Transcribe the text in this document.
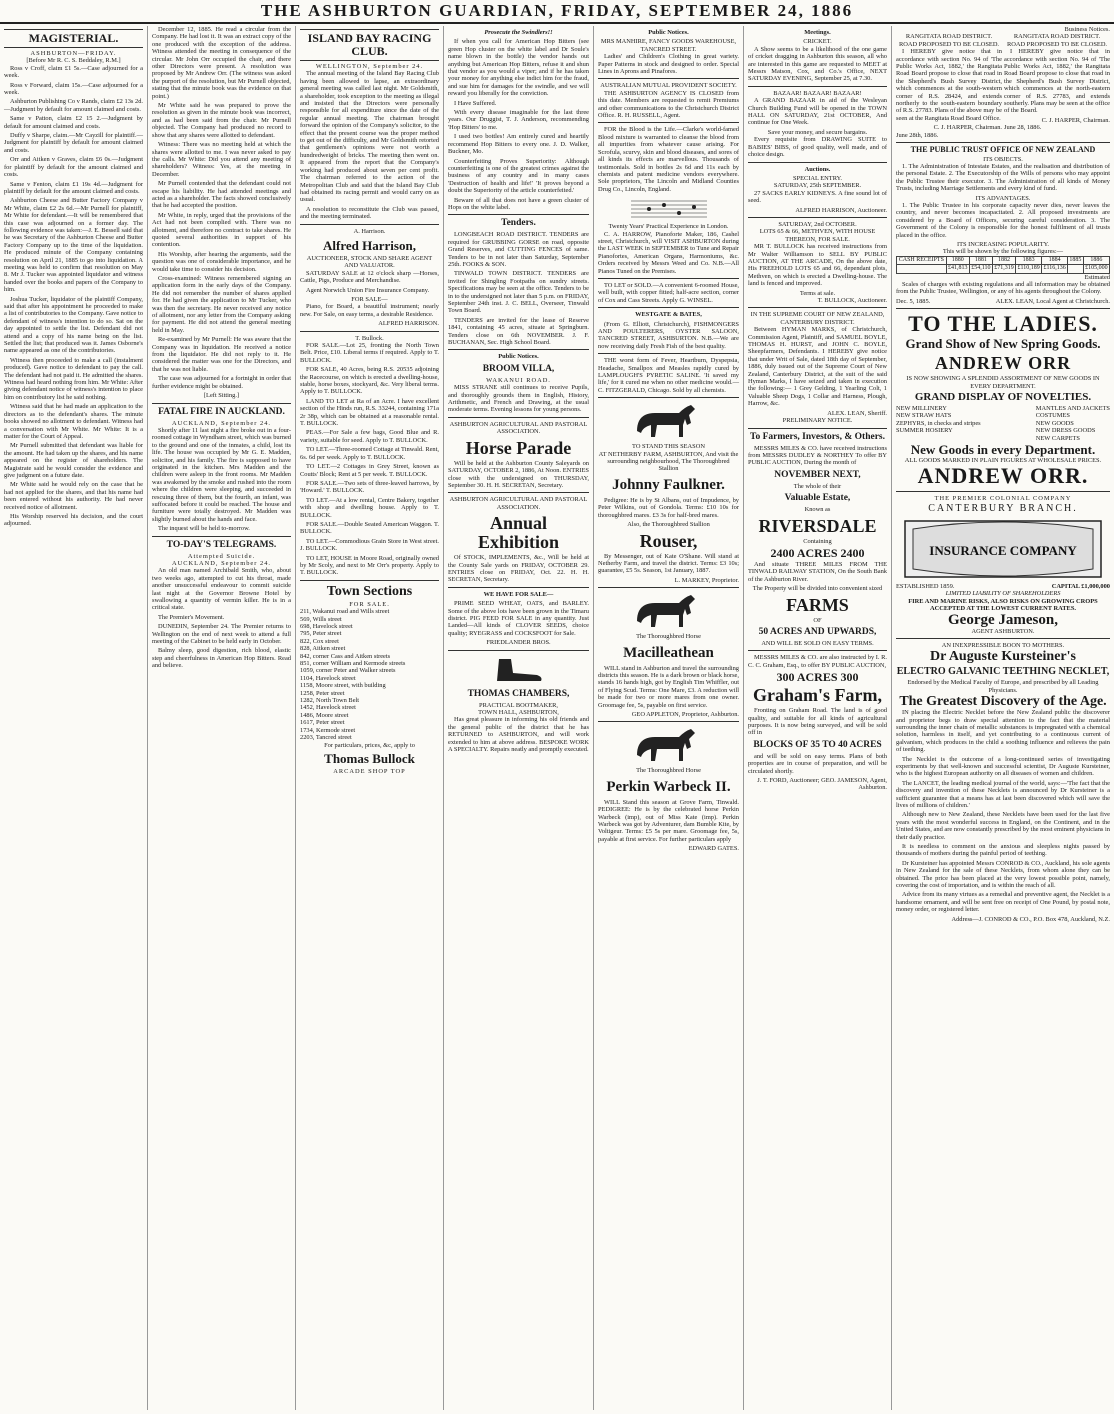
THE ASHBURTON GUARDIAN, FRIDAY, SEPTEMBER 24, 1886
MAGISTERIAL.
ASHBURTON—FRIDAY.
[Before Mr R. C. S. Beddaley, R.M.]

Ross v Croff, claim £1 5s.—Case adjourned for a week.

Ross v Forward, claim 15s.—Case adjourned for a week.

Ashburton Publishing Co v Rands, claim £2 13s 2d.—Judgment by default for amount claimed and costs.

Same v Patton, claim £2 15 2.—Judgment by default for amount claimed and costs.

Duffy v Sharpe, claim.—Mr Cayzill for plaintiff.—Judgment for plaintiff by default for amount claimed and costs.

Orr and Aitken v Graves, claim £6 0s.—Judgment for plaintiff by default for the amount claimed and costs.

Same v Fenton, claim £1 19s 4d.—Judgment for plaintiff by default for the amount claimed and costs.

Ashburton Cheese and Butter Factory Company v Mr White, claim £2 2s 6d.—Mr Purnell for plaintiff, Mr White for defendant.—It will be remembered that this case was adjourned on a former day. The following evidence was taken:—J. E. Bessell said that he was Secretary of the Ashburton Cheese and Butter Factory Company up to the time of the liquidation. He produced minute of the Company containing resolution on April 21, 1885 to go into liquidation. A meeting was held to confirm that resolution on May 8. Mr J. Tucker was appointed liquidator and witness handed over the books and papers of the Company to him.

Joshua Tucker, liquidator of the plaintiff Company, said that after his appointment he proceeded to make a list of contributories to the Company. Gave notice to defendant of witness's intention to do so. Sat on the day appointed to settle the list. Defendant did not attend and a copy of his name being on the list. Settled the list; that produced was it. James Osborne's name appeared as one of the contributories.

Witness then proceeded to make a call (instalment produced). Gave notice to defendant to pay the call. The defendant had not paid it. He admitted the shares. Witness had heard nothing from him. Mr White: After giving defendant notice of witness's intention to place him on contributory list he said nothing.

Witness said that he had made an application to the directors as to the defendant's shares. The minute books showed no allotment to defendant. Witness had a conversation with Mr White. Mr White: It is a matter for the Court of Appeal.

Mr Purnell submitted that defendant was liable for the amount. He had taken up the shares, and his name appeared on the register of shareholders. The Magistrate said he would consider the evidence and give judgment on a future date.

Mr White said he would rely on the case that he had not applied for the shares, and that his name had been entered without his authority. He had never received notice of allotment.

His Worship reserved his decision, and the court adjourned.

December 12, 1885. He read a circular from the Company. He had lost it. It was an extract copy of the one produced with the exception of the address. Witness attended the meeting in consequence of the circular. Mr John Orr occupied the chair, and there other Directors were present. A resolution was proposed by Mr Andrew Orr. (The witness was asked the purport of the resolution, but Mr Purnell objected, stating that the minute book was the evidence on that point.)

Mr White said he was prepared to prove the resolution as given in the minute book was incorrect, and as had been said from the chair. Mr Purnell objected. The Company had produced no record to show that any shares were allotted to defendant.

Witness: There was no meeting held at which the shares were allotted to me. I was never asked to pay the calls. Mr White: Did you attend any meeting of shareholders? Witness: Yes, at the meeting in December.

Mr Purnell contended that the defendant could not escape his liability. He had attended meetings and acted as a shareholder. The facts showed conclusively that he had accepted the position.

Mr White, in reply, urged that the provisions of the Act had not been complied with. There was no allotment, and therefore no contract to take shares. He quoted several authorities in support of his contention.

His Worship, after hearing the arguments, said the question was one of considerable importance, and he would take time to consider his decision.

Cross-examined: Witness remembered signing an application form in the early days of the Company. He did not remember the number of shares applied for. He had given the application to Mr Tucker, who was then the secretary. He never received any notice of allotment, nor any letter from the Company asking for payment. He did not attend the general meeting held in May.

Re-examined by Mr Purnell: He was aware that the Company was in liquidation. He received a notice from the liquidator. He did not reply to it. He considered the matter was one for the Directors, and that he was not liable.

The case was adjourned for a fortnight in order that further evidence might be obtained.

[Left Sitting.]
FATAL FIRE IN AUCKLAND.
AUCKLAND, September 24.

Shortly after 11 last night a fire broke out in a four-roomed cottage in Wyndham street, which was burned to the ground and one of the inmates, a child, lost its life. The house was occupied by Mr G. E. Madden, solicitor, and his family. The fire is supposed to have originated in the kitchen. Mrs Madden and the children were asleep in the front rooms. Mr Madden was awakened by the smoke and rushed into the room where the children were sleeping, and succeeded in rescuing three of them, but the fourth, an infant, was suffocated before it could be reached. The house and furniture were totally destroyed. Mr Madden was slightly burned about the hands and face.

The inquest will be held to-morrow.

TO-DAY'S TELEGRAMS.
Attempted Suicide.
AUCKLAND, September 24.

An old man named Archibald Smith, who, about two weeks ago, attempted to cut his throat, made another unsuccessful endeavour to commit suicide last night at the Governor Browne Hotel by swallowing a quantity of vermin killer. He is in a critical state.

The Premier's Movement.

DUNEDIN, September 24. The Premier returns to Wellington on the end of next week to attend a full meeting of the Cabinet to be held early in October.

Balmy sleep, good digestion, rich blood, elastic step and cheerfulness in American Hop Bitters. Read and believe.

ISLAND BAY RACING CLUB.
WELLINGTON, September 24.

The annual meeting of the Island Bay Racing Club having been allowed to lapse, an extraordinary general meeting was called last night. Mr Goldsmith, a shareholder, took exception to the meeting as illegal and insisted that the Directors were personally responsible for all expenditure since the date of the regular annual meeting. The chairman brought forward the opinion of the Company's solicitor, to the effect that the present course was the proper method to get out of the difficulty, and Mr Goldsmith retorted that gentlemen's opinions were not worth a hundredweight of bricks. The meeting then went on. It appeared from the report that the Company's working had produced about seven per cent profit. The chairman referred to the action of the Metropolitan Club and said that the Island Bay Club had obtained its racing permit and would carry on as usual.

A resolution to reconstitute the Club was passed, and the meeting terminated.

A. Harrison.
Alfred Harrison,
AUCTIONEER, STOCK AND SHARE AGENT AND VALUATOR.

SATURDAY SALE at 12 o'clock sharp —Horses, Cattle, Pigs, Produce and Merchandise.

Agent Norwich Union Fire Insurance Company.

FOR SALE—

Piano, for Board, a beautiful instrument; nearly new. For Sale, on easy terms, a desirable Residence.

ALFRED HARRISON.
T. Bullock.

FOR SALE.—Lot 25, fronting the North Town Belt. Price, £10. Liberal terms if required. Apply to T. BULLOCK.

FOR SALE, 40 Acres, being R.S. 20535 adjoining the Racecourse, on which is erected a dwelling-house, stable, horse boxes, stockyard, &c. Very liberal terms. Apply to T. BULLOCK.

LAND TO LET at Ra of an Acre. I have excellent section of the Hinds run, R.S. 33244, containing 171a 2r 38p, which can be obtained at a reasonable rental. T. BULLOCK.

PEAS.—For Sale a few bags, Good Blue and R. variety, suitable for seed. Apply to T. BULLOCK.

TO LET.—Three-roomed Cottage at Tinwald. Rent, 6s. 6d per week. Apply to T. BULLOCK.

TO LET.—2 Cottages in Grey Street, known as Coutts' Block; Rent at 5 per week. T. BULLOCK.

FOR SALE.—Two sets of three-leaved harrows, by 'Howard.' T. BULLOCK.

TO LET.—At a low rental, Centre Bakery, together with shop and dwelling house. Apply to T. BULLOCK.

FOR SALE.—Double Seated American Waggon. T. BULLOCK.

TO LET.—Commodious Grain Store in West street. J. BULLOCK.

TO LET, HOUSE in Moore Road, originally owned by Mr Scoly, and next to Mr Orr's property. Apply to T. BULLOCK.

Town Sections
FOR SALE.
211, Wakanui road and Wills street
569, Wills street
698, Havelock street
795, Peter street
822, Cox street
828, Aitken street
842, corner Cass and Aitken streets
851, corner William and Kermode streets
1059, corner Peter and Walker streets
1104, Havelock street
1158, Moore street, with building
1258, Peter street
1282, North Town Belt
1452, Havelock street
1486, Moore street
1617, Peter street
1734, Kermode street
2203, Tancred street
For particulars, prices, &c, apply to
Thomas Bullock
ARCADE SHOP TOP
Prosecute the Swindlers!!

If when you call for American Hop Bitters (see green Hop cluster on the white label and Dr Soule's name blown in the bottle) the vendor hands out anything but American Hop Bitters, refuse it and shun that vendor as you would a viper; and if he has taken your money for anything else indict him for the fraud, and sue him for damages for the swindle, and we will reward you liberally for the conviction.

I Have Suffered.

With every disease imaginable for the last three years. Our Druggist, T. J. Anderson, recommending 'Hop Bitters' to me.

I used two bottles! Am entirely cured and heartily recommend Hop Bitters to every one. J. D. Walker, Buckner, Mo.

Counterfeiting Proves Superiority: Although counterfeiting is one of the greatest crimes against the business of any country and in many cases 'Destruction of health and life!' 'It proves beyond a doubt the Superiority of the article counterfeited.'

Beware of all that does not have a green cluster of Hops on the white label.

Tenders.

LONGBEACH ROAD DISTRICT. TENDERS are required for GRUBBING GORSE on road, opposite Grand Reserves, and CUTTING FENCES of same. Tenders to be in not later than Saturday, September 25th. FOOKS & SON.

TINWALD TOWN DISTRICT. TENDERS are invited for Shingling Footpaths on sundry streets. Specifications may be seen at the office. Tenders to be in to the undersigned not later than 5 p.m. on FRIDAY, September 24th inst. J. C. BELL, Overseer, Tinwald Town Board.

TENDERS are invited for the lease of Reserve 1841, containing 45 acres, situate at Springburn. Tenders close on 6th NOVEMBER. J. F. BUCHANAN, Sec. High School Board.

Public Notices.
BROOM VILLA,
WAKANUI ROAD.

MISS STRANE still continues to receive Pupils, and thoroughly grounds them in English, History, Arithmetic, and French and Drawing, at the usual moderate terms. Evening lessons for young persons.

ASHBURTON AGRICULTURAL AND PASTORAL ASSOCIATION.
Horse Parade

Will be held at the Ashburton County Saleyards on SATURDAY, OCTOBER 2, 1886, At Noon. ENTRIES close with the undersigned on THURSDAY, September 30. H. H. SECRETAN, Secretary.

ASHBURTON AGRICULTURAL AND PASTORAL ASSOCIATION.
Annual Exhibition

Of STOCK, IMPLEMENTS, &c., Will be held at the County Sale yards on FRIDAY, OCTOBER 29. ENTRIES close on FRIDAY, Oct. 22. H. H. SECRETAN, Secretary.

WE HAVE FOR SALE—

PRIME SEED WHEAT, OATS, and BARLEY. Some of the above lots have been grown in the Timaru district. PIG FEED FOR SALE in any quantity. Just Landed—All kinds of CLOVER SEEDS, choice quality; RYEGRASS and COCKSFOOT for Sale.

FRIEDLANDER BROS.
THOMAS CHAMBERS,
PRACTICAL BOOTMAKER,
TOWN HALL, ASHBURTON,

Has great pleasure in informing his old friends and the general public of the district that he has RETURNED to ASHBURTON, and will work extended to him at above address. BESPOKE WORK A SPECIALTY. Repairs neatly and promptly executed.

Public Notices.
MRS MANHIRE, FANCY GOODS WAREHOUSE, TANCRED STREET.

Ladies' and Children's Clothing in great variety. Paper Patterns in stock and designed to order. Special Lines in Aprons and Pinafores.

AUSTRALIAN MUTUAL PROVIDENT SOCIETY.

THE ASHBURTON AGENCY IS CLOSED from this date. Members are requested to remit Premiums and other communications to the Christchurch District Office. R. H. RUSSELL, Agent.

FOR the Blood is the Life.—Clarke's world-famed Blood mixture is warranted to cleanse the blood from all impurities from whatever cause arising. For Scrofula, scurvy, skin and blood diseases, and sores of all kinds its effects are marvellous. Thousands of testimonials. Sold in bottles 2s 6d and 11s each by chemists and patent medicine vendors everywhere. Sole proprietors, The Lincoln and Midland Counties Drug Co., Lincoln, England.

Twenty Years' Practical Experience in London.

C. A. HARROW, Pianoforte Maker, 186, Cashel street, Christchurch, will VISIT ASHBURTON during the LAST WEEK in SEPTEMBER to Tune and Repair Pianofortes, American Organs, Harmoniums, &c. Orders received by Messrs Weed and Co. N.B.—All Pianos Tuned on the Premises.

TO LET or SOLD.—A convenient 6-roomed House, well built, with copper fitted; half-acre section, corner of Cox and Cass Streets. Apply G. WINSEL.

WESTGATE & BATES,

(From G. Elliott, Christchurch), FISHMONGERS AND POULTERERS, OYSTER SALOON, TANCRED STREET, ASHBURTON. N.B.—We are now receiving daily Fresh Fish of the best quality.

THE worst form of Fever, Heartburn, Dyspepsia, Headache, Smallpox and Measles rapidly cured by LAMPLOUGH'S PYRETIC SALINE. 'It saved my life,' for it cured me when no other medicine would.—C. FITZGERALD, Chicago. Sold by all chemists.

TO STAND THIS SEASON
AT NETHERBY FARM, ASHBURTON, And visit the surrounding neighbourhood, The Thoroughbred Stallion
Johnny Faulkner.

Pedigree: He is by St Albans, out of Impudence, by Peter Wilkins, out of Gondola. Terms: £10 10s for thoroughbred mares. £3 3s for half-bred mares.

Also, the Thoroughbred Stallion
Rouser,

By Messenger, out of Kate O'Shane. Will stand at Netherby Farm, and travel the district. Terms: £3 10s; guarantee, £5 5s. Season, 1st January, 1887.

L. MARKEY, Proprietor.
The Thoroughbred Horse
Macilleathean

WILL stand in Ashburton and travel the surrounding districts this season. He is a dark brown or black horse, stands 16 hands high, got by English Tim Whiffler, out of Flying Scud. Terms: One Mare, £3. A reduction will be made for two or more mares from one owner. Groomage fee, 5s, payable on first service.

GEO APPLETON, Proprietor, Ashburton.
The Thoroughbred Horse
Perkin Warbeck II.

WILL Stand this season at Grove Farm, Tinwald. PEDIGREE: He is by the celebrated horse Perkin Warbeck (imp), out of Miss Kate (imp). Perkin Warbeck was got by Adventurer, dam Bumble Kite, by Voltigeur. Terms: £5 5s per mare. Groomage fee, 5s, payable at first service. For further particulars apply

EDWARD GATES.
Meetings.
CRICKET.

A Show seems to be a likelihood of the one game of cricket dragging in Ashburton this season, all who are interested in this game are requested to MEET at Messrs Matson, Cox, and Co.'s Office, NEXT SATURDAY EVENING, September 25, at 7.30.

BAZAAR! BAZAAR! BAZAAR!

A GRAND BAZAAR in aid of the Wesleyan Church Building Fund will be opened in the TOWN HALL ON SATURDAY, 21st OCTOBER, And continue for One Week.

Save your money, and secure bargains.

Every requisite from DRAWING SUITE to BABIES' BIBS, of good quality, well made, and of choice design.

Auctions.
SPECIAL ENTRY.
SATURDAY, 25th SEPTEMBER.

27 SACKS EARLY KIDNEYS. A fine sound lot of seed.

ALFRED HARRISON, Auctioneer.
SATURDAY, 2nd OCTOBER.
LOTS 65 & 66, METHVEN, WITH HOUSE THEREON, FOR SALE.

MR T. BULLOCK has received instructions from Mr Walter Williamson to SELL BY PUBLIC AUCTION, AT THE ARCADE, On the above date, His FREEHOLD LOTS 65 and 66, dependant plots, Methven, on which is erected a Dwelling-house. The land is fenced and improved.

Terms at sale.
T. BULLOCK, Auctioneer.
IN THE SUPREME COURT OF NEW ZEALAND, CANTERBURY DISTRICT.

Between HYMAN MARKS, of Christchurch, Commission Agent, Plaintiff, and SAMUEL BOYLE, THOMAS H. HURST, and JOHN C. BOYLE, Sheepfarmers, Defendants. I HEREBY give notice that under Writ of Sale, dated 18th day of September, 1886, duly issued out of the Supreme Court of New Zealand, Canterbury District, at the suit of the said Hyman Marks, I have seized and taken in execution the following:— 1 Grey Gelding, 1 Yearling Colt, 1 Valuable Sheep Dogs, 1 Collar and Harness, Plough, Harrow, &c.

ALEX. LEAN, Sheriff.
PRELIMINARY NOTICE.
To Farmers, Investors, & Others.

MESSRS MILES & CO. have received instructions from MESSRS DUDLEY & NORTHEY To offer BY PUBLIC AUCTION, During the month of

NOVEMBER NEXT,
The whole of their
Valuable Estate,
Known as
RIVERSDALE
Containing
2400 ACRES 2400

And situate THREE MILES FROM THE TINWALD RAILWAY STATION, On the South Bank of the Ashburton River.

The Property will be divided into convenient sized
FARMS
OF
50 ACRES AND UPWARDS,
AND WILL BE SOLD ON EASY TERMS.

MESSRS MILES & CO. are also instructed by I. R. C. C. Graham, Esq., to offer BY PUBLIC AUCTION,

300 ACRES 300
Graham's Farm,

Fronting on Graham Road. The land is of good quality, and suitable for all kinds of agricultural purposes. It is now being surveyed, and will be sold off in

BLOCKS OF 35 TO 40 ACRES

and will be sold on easy terms. Plans of both properties are in course of preparation, and will be circulated shortly.

J. T. FORD, Auctioneer; GEO. JAMESON, Agent, Ashburton.
Business Notices.
RANGITATA ROAD DISTRICT.
ROAD PROPOSED TO BE CLOSED.

I HEREBY give notice that in accordance with section No. 94 of 'The Public Works Act, 1882,' the Rangitata Road Board propose to close that road in the Shepherd's Bush Survey District, which commences at the south-western corner of R.S. 28424, and extends northerly to the south-eastern boundary of R.S. 27783. Plans of the above may be seen at the Rangitata Road Board Office.

C. J. HARPER, Chairman.
June 28th, 1886.
RANGITATA ROAD DISTRICT.
ROAD PROPOSED TO BE CLOSED.

I HEREBY give notice that in accordance with section No. 94 of 'The Public Works Act, 1882,' the Rangitata Road Board propose to close that road in the Shepherd's Bush Survey District, which commences at the north-eastern corner of R.S. 27783, and extends southerly. Plans may be seen at the office of the Board.

C. J. HARPER, Chairman.
June 28, 1886.
THE PUBLIC TRUST OFFICE OF NEW ZEALAND
ITS OBJECTS.

1. The Administration of Intestate Estates, and the realisation and distribution of the personal Estate. 2. The Executorship of the Wills of persons who may appoint the Public Trustee their executor. 3. The Administration of all kinds of Money Trusts, including Marriage Settlements and every kind of fund.

ITS ADVANTAGES.

1. The Public Trustee in his corporate capacity never dies, never leaves the country, and never becomes incapacitated. 2. All proposed investments are considered by a Board of Officers, securing careful consideration. 3. The Government of the Colony is responsible for the honest fulfilment of all trusts placed in the office.

ITS INCREASING POPULARITY.
This will be shown by the following figures:—
CASH RECEIPTS	1880	1881	1882	1883	1884	1885	1886
	£41,813	£54,110	£71,319	£110,189	£116,136		£105,000
Estimated

Scales of charges with existing regulations and all information may be obtained from the Public Trustee, Wellington, or any of his agents throughout the Colony.

Dec. 5, 1885.	ALEX. LEAN, Local Agent at Christchurch.
TO THE LADIES.
Grand Show of New Spring Goods.
ANDREW ORR
IS NOW SHOWING A SPLENDID ASSORTMENT OF NEW GOODS IN EVERY DEPARTMENT.
GRAND DISPLAY OF NOVELTIES.
NEW MILLINERY
NEW STRAW HATS
ZEPHYRS, in checks and stripes
SUMMER HOSIERY
MANTLES AND JACKETS
COSTUMES
NEW GOODS
NEW DRESS GOODS
NEW CARPETS
New Goods in every Department.
ALL GOODS MARKED IN PLAIN FIGURES AT WHOLESALE PRICES.
ANDREW ORR.
THE PREMIER COLONIAL COMPANY
CANTERBURY BRANCH.
INSURANCE COMPANY
ESTABLISHED 1859.	CAPITAL £1,000,000
LIMITED LIABILITY OF SHAREHOLDERS
FIRE AND MARINE RISKS, ALSO RISKS ON GROWING CROPS ACCEPTED AT THE LOWEST CURRENT RATES.
George Jameson,
AGENT ASHBURTON.
AN INEXPRESSIBLE BOON TO MOTHERS.
Dr Auguste Kursteiner's
ELECTRO GALVANIC TEETHING NECKLET,
Endorsed by the Medical Faculty of Europe, and prescribed by all Leading Physicians.
The Greatest Discovery of the Age.

IN placing the Electric Necklet before the New Zealand public the discoverer and proprietor begs to draw special attention to the fact that the material surrounding the inner chain of metallic substances is impregnated with a chemical solution, harmless in itself, and yet contributing to a continuous current of galvanism, which produces in the child a soothing influence and relieves the pain of teething.

The Necklet is the outcome of a long-continued series of investigating experiments by that well-known and successful scientist, Dr Auguste Kursteiner, who is the highest European authority on all diseases of women and children.

The LANCET, the leading medical journal of the world, says:—'The fact that the discovery and invention of these Necklets is announced by Dr Kursteiner is a sufficient guarantee that a means has at last been discovered which will save the lives of millions of children.'

Although new to New Zealand, these Necklets have been used for the last five years with the most wonderful success in England, on the Continent, and in the United States, and are now constantly prescribed by the most eminent physicians in their daily practice.

It is needless to comment on the anxious and sleepless nights passed by thousands of mothers during the painful period of teething.

Dr Kursteiner has appointed Messrs CONROD & CO., Auckland, his sole agents in New Zealand for the sale of these Necklets, from whom alone they can be obtained. The price has been placed at the very lowest possible point, namely, covering the cost of importation, and is within the reach of all.

Advice from its many virtues as a remedial and preventive agent, the Necklet is a handsome ornament, and will be sent free on receipt of One Pound, by postal note, money order, or registered letter.

Address—J. CONROD & CO., P.O. Box 478, Auckland, N.Z.
